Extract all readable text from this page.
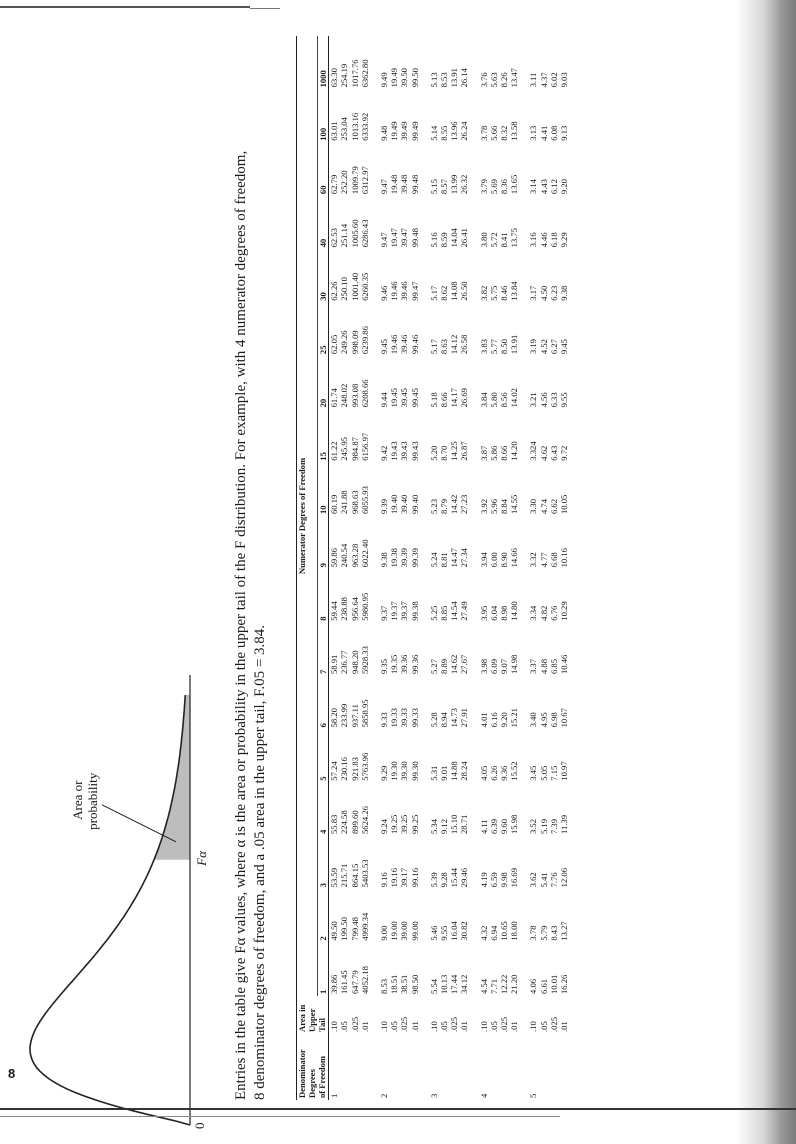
8
0
Fα
Area or probability	Entries in the table give Fα values, where α is the area or probability in the upper tail of the F distribution. For example, with 4 numerator degrees of freedom, 8 denominator degrees of freedom, and a .05 area in the upper tail, F.05 = 3.84.	Denominator	Area in	Numerator Degrees of Freedom																	
Degrees	Upper																		
of Freedom	Tail	1	2	3	4	5	6	7	8	9	10	15	20	25	30	40	60	100	1000
1	.10	39.86	49.50	53.59	55.83	57.24	58.20	58.91	59.44	59.86	60.19	61.22	61.74	62.05	62.26	62.53	62.79	63.01	63.30
	.05	161.45	199.50	215.71	224.58	230.16	233.99	236.77	238.88	240.54	241.88	245.95	248.02	249.26	250.10	251.14	252.20	253.04	254.19
	.025	647.79	799.48	864.15	899.60	921.83	937.11	948.20	956.64	963.28	968.63	984.87	993.08	998.09	1001.40	1005.60	1009.79	1013.16	1017.76
	.01	4052.18	4999.34	5403.53	5624.26	5763.96	5858.95	5928.33	5980.95	6022.40	6055.93	6156.97	6208.66	6239.86	6260.35	6286.43	6312.97	6333.92	6362.80

2	.10	8.53	9.00	9.16	9.24	9.29	9.33	9.35	9.37	9.38	9.39	9.42	9.44	9.45	9.46	9.47	9.47	9.48	9.49
	.05	18.51	19.00	19.16	19.25	19.30	19.33	19.35	19.37	19.38	19.40	19.43	19.45	19.46	19.46	19.47	19.48	19.49	19.49
	.025	38.51	39.00	39.17	39.25	39.30	39.33	39.36	39.37	39.39	39.40	39.43	39.45	39.46	39.46	39.47	39.48	39.49	39.50
	.01	98.50	99.00	99.16	99.25	99.30	99.33	99.36	99.38	99.39	99.40	99.43	99.45	99.46	99.47	99.48	99.48	99.49	99.50

3	.10	5.54	5.46	5.39	5.34	5.31	5.28	5.27	5.25	5.24	5.23	5.20	5.18	5.17	5.17	5.16	5.15	5.14	5.13
	.05	10.13	9.55	9.28	9.12	9.01	8.94	8.89	8.85	8.81	8.79	8.70	8.66	8.63	8.62	8.59	8.57	8.55	8.53
	.025	17.44	16.04	15.44	15.10	14.88	14.73	14.62	14.54	14.47	14.42	14.25	14.17	14.12	14.08	14.04	13.99	13.96	13.91
	.01	34.12	30.82	29.46	28.71	28.24	27.91	27.67	27.49	27.34	27.23	26.87	26.69	26.58	26.50	26.41	26.32	26.24	26.14

4	.10	4.54	4.32	4.19	4.11	4.05	4.01	3.98	3.95	3.94	3.92	3.87	3.84	3.83	3.82	3.80	3.79	3.78	3.76
	.05	7.71	6.94	6.59	6.39	6.26	6.16	6.09	6.04	6.00	5.96	5.86	5.80	5.77	5.75	5.72	5.69	5.66	5.63
	.025	12.22	10.65	9.98	9.60	9.36	9.20	9.07	8.98	8.90	8.84	8.66	8.56	8.50	8.46	8.41	8.36	8.32	8.26
	.01	21.20	18.00	16.69	15.98	15.52	15.21	14.98	14.80	14.66	14.55	14.20	14.02	13.91	13.84	13.75	13.65	13.58	13.47

5	.10	4.06	3.78	3.62	3.52	3.45	3.40	3.37	3.34	3.32	3.30	3.324	3.21	3.19	3.17	3.16	3.14	3.13	3.11
	.05	6.61	5.79	5.41	5.19	5.05	4.95	4.88	4.82	4.77	4.74	4.62	4.56	4.52	4.50	4.46	4.43	4.41	4.37
	.025	10.01	8.43	7.76	7.39	7.15	6.98	6.85	6.76	6.68	6.62	6.43	6.33	6.27	6.23	6.18	6.12	6.08	6.02
	.01	16.26	13.27	12.06	11.39	10.97	10.67	10.46	10.29	10.16	10.05	9.72	9.55	9.45	9.38	9.29	9.20	9.13	9.03
